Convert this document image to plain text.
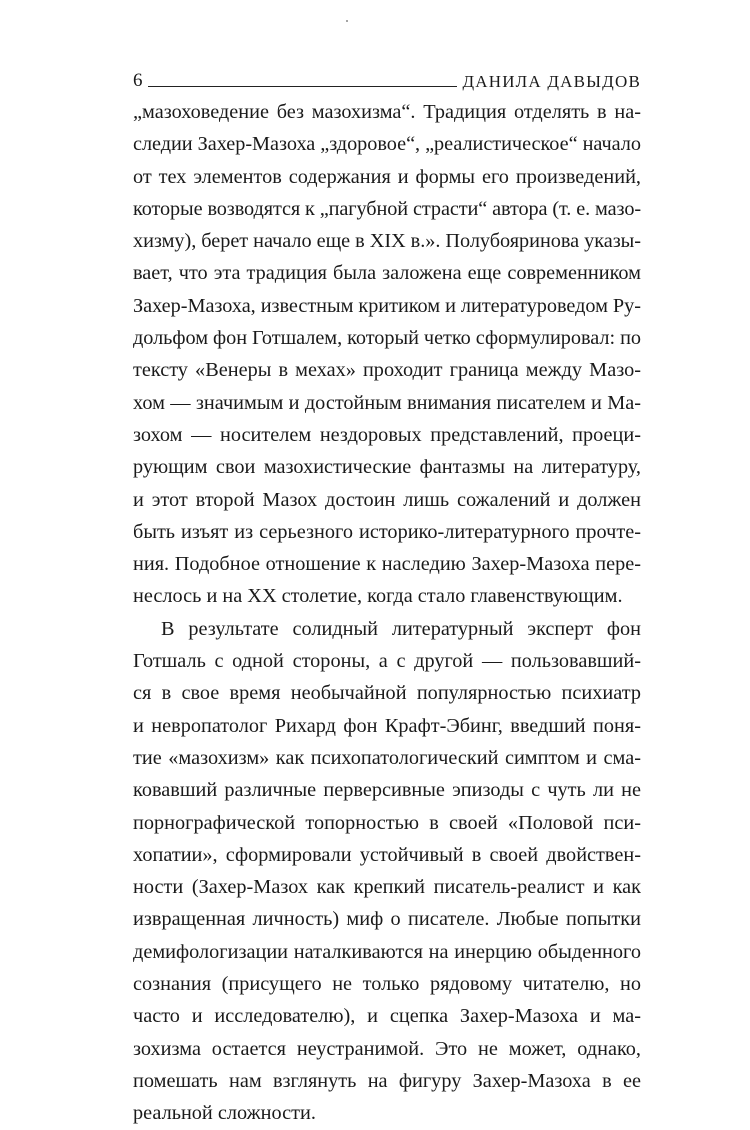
6	ДАНИЛА ДАВЫДОВ

„мазоховедение без мазохизма“. Традиция отделять в на-
следии Захер-Мазоха „здоровое“, „реалистическое“ начало
от тех элементов содержания и формы его произведений,
которые возводятся к „пагубной страсти“ автора (т. е. мазо-
хизму), берет начало еще в XIX в.». Полубояринова указы-
вает, что эта традиция была заложена еще современником
Захер-Мазоха, известным критиком и литературоведом Ру-
дольфом фон Готшалем, который четко сформулировал: по
тексту «Венеры в мехах» проходит граница между Мазо-
хом — значимым и достойным внимания писателем и Ма-
зохом — носителем нездоровых представлений, проеци-
рующим свои мазохистические фантазмы на литературу,
и этот второй Мазох достоин лишь сожалений и должен
быть изъят из серьезного историко-литературного прочте-
ния. Подобное отношение к наследию Захер-Мазоха пере-
неслось и на XX столетие, когда стало главенствующим.

В результате солидный литературный эксперт фон
Готшаль с одной стороны, а с другой — пользовавший-
ся в свое время необычайной популярностью психиатр
и невропатолог Рихард фон Крафт-Эбинг, введший поня-
тие «мазохизм» как психопатологический симптом и сма-
ковавший различные перверсивные эпизоды с чуть ли не
порнографической топорностью в своей «Половой пси-
хопатии», сформировали устойчивый в своей двойствен-
ности (Захер-Мазох как крепкий писатель-реалист и как
извращенная личность) миф о писателе. Любые попытки
демифологизации наталкиваются на инерцию обыденного
сознания (присущего не только рядовому читателю, но
часто и исследователю), и сцепка Захер-Мазоха и ма-
зохизма остается неустранимой. Это не может, однако,
помешать нам взглянуть на фигуру Захер-Мазоха в ее
реальной сложности.
